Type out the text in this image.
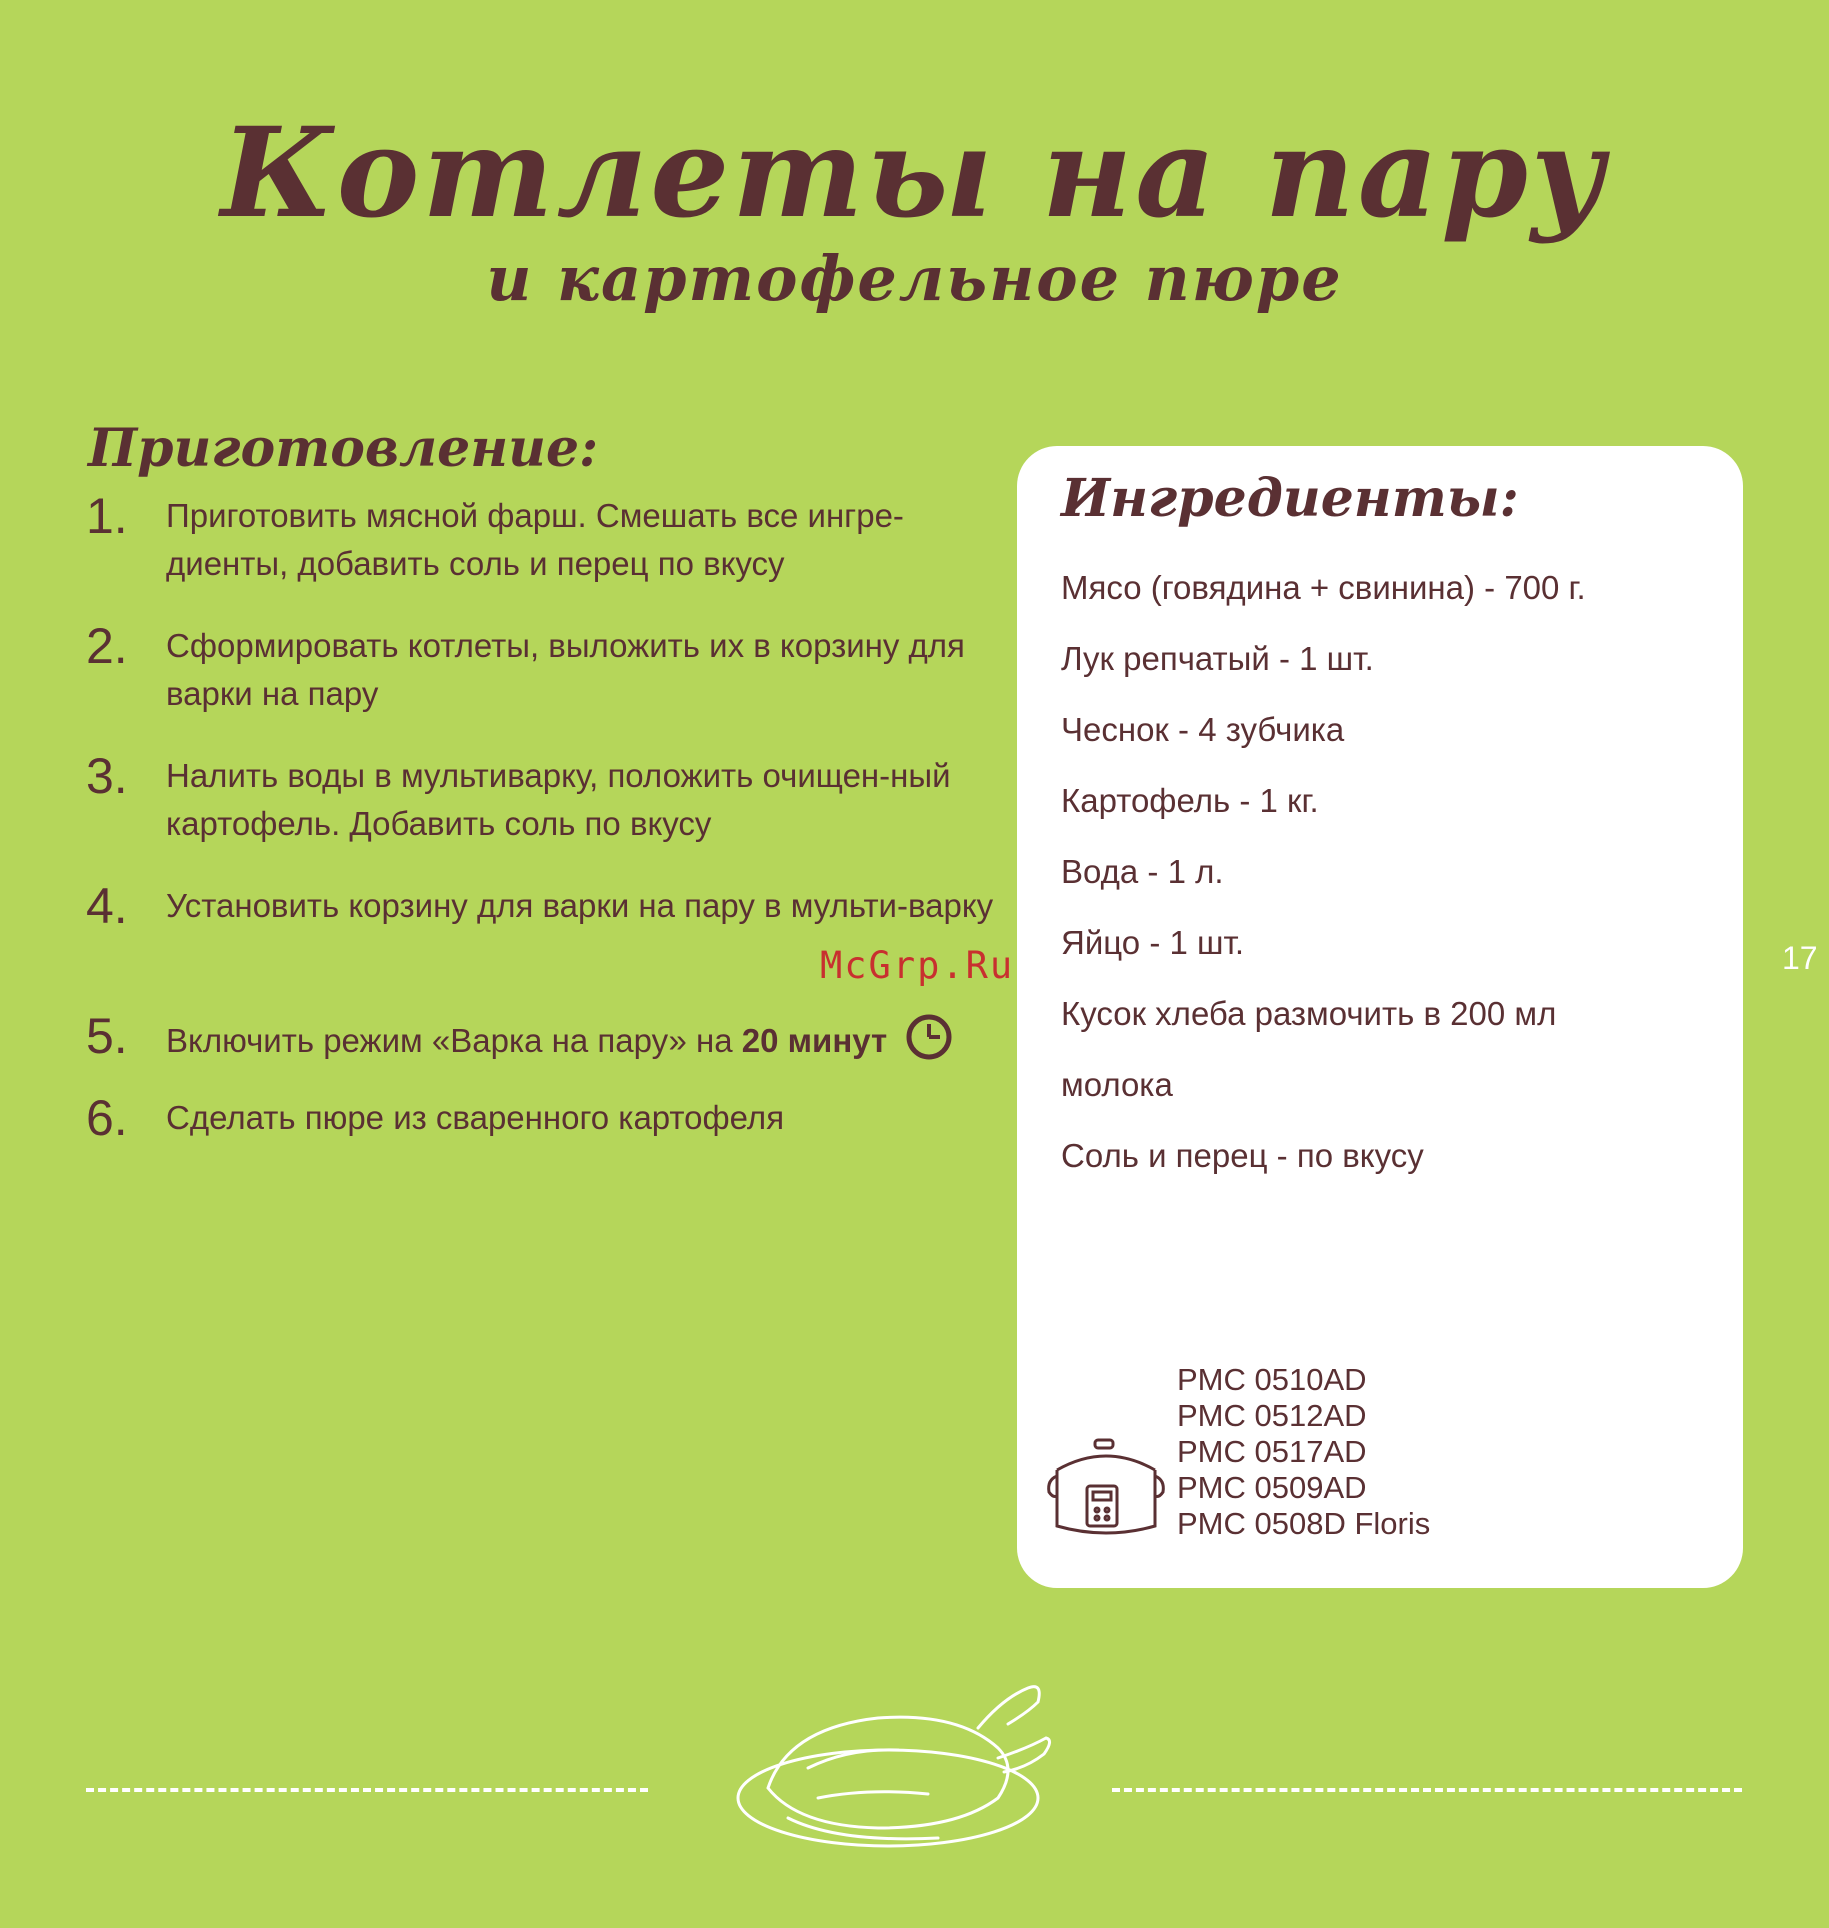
Котлеты на пару
и картофельное пюре
Приготовление:
1. Приготовить мясной фарш. Смешать все ингре-диенты, добавить соль и перец по вкусу
2. Сформировать котлеты, выложить их в корзину для варки на пару
3. Налить воды в мультиварку, положить очищен-ный картофель. Добавить соль по вкусу
4. Установить корзину для варки на пару в мульти-варку
5. Включить режим «Варка на пару» на 20 минут
6. Сделать пюре из сваренного картофеля
McGrp.Ru	17
Ингредиенты:
Мясо (говядина + свинина) - 700 г.
Лук репчатый - 1 шт.
Чеснок - 4 зубчика
Картофель - 1 кг.
Вода - 1 л.
Яйцо - 1 шт.
Кусок хлеба размочить в 200 мл
молока
Соль и перец - по вкусу
PMC 0510AD
PMC 0512AD
PMC 0517AD
PMC 0509AD
PMC 0508D Floris
